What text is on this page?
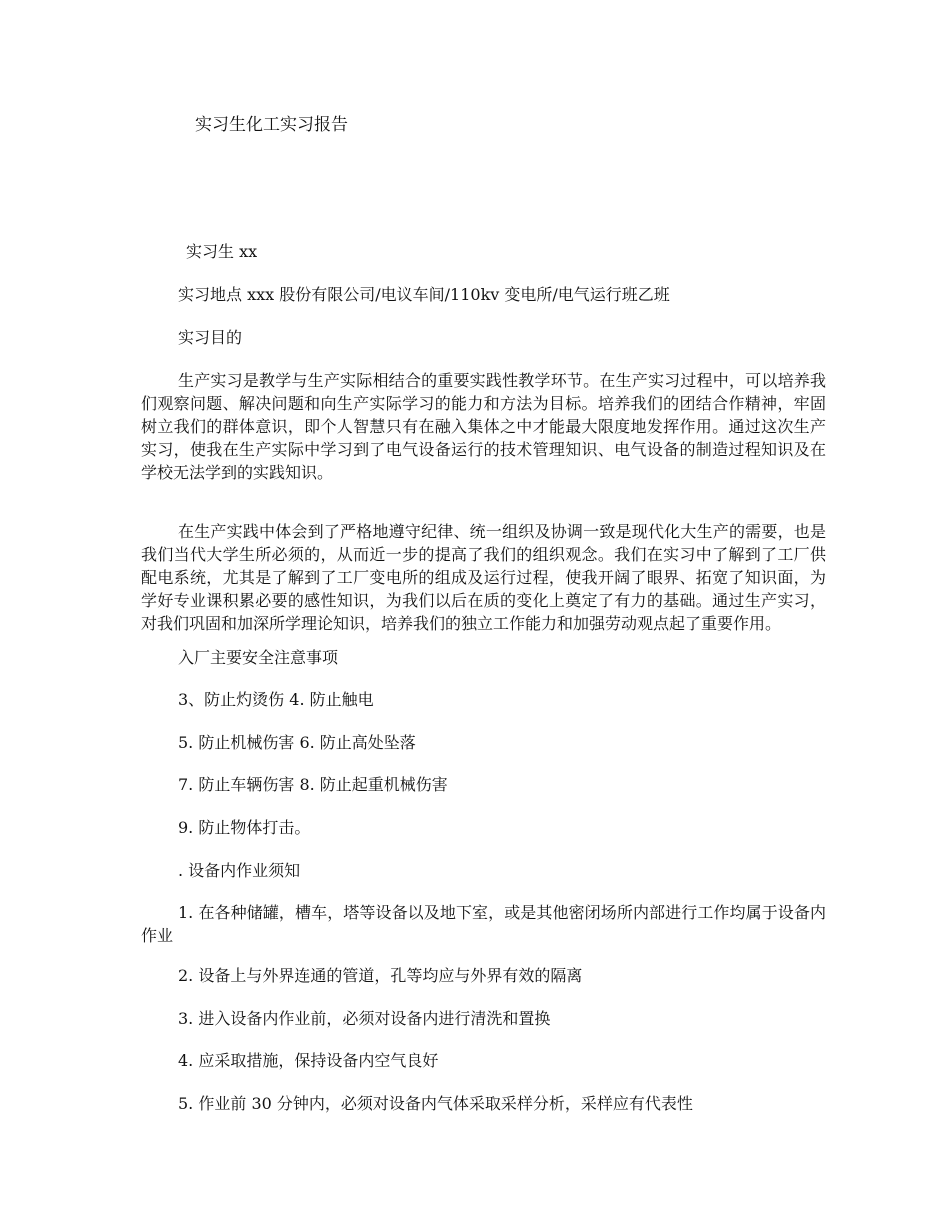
实习生化工实习报告
实习生 xx
实习地点 xxx 股份有限公司/电议车间/110kv 变电所/电气运行班乙班
实习目的
生产实习是教学与生产实际相结合的重要实践性教学环节。在生产实习过程中，可以培养我们观察问题、解决问题和向生产实际学习的能力和方法为目标。培养我们的团结合作精神，牢固树立我们的群体意识，即个人智慧只有在融入集体之中才能最大限度地发挥作用。通过这次生产实习，使我在生产实际中学习到了电气设备运行的技术管理知识、电气设备的制造过程知识及在学校无法学到的实践知识。
在生产实践中体会到了严格地遵守纪律、统一组织及协调一致是现代化大生产的需要，也是我们当代大学生所必须的，从而近一步的提高了我们的组织观念。我们在实习中了解到了工厂供配电系统，尤其是了解到了工厂变电所的组成及运行过程，使我开阔了眼界、拓宽了知识面，为学好专业课积累必要的感性知识，为我们以后在质的变化上奠定了有力的基础。通过生产实习，对我们巩固和加深所学理论知识，培养我们的独立工作能力和加强劳动观点起了重要作用。
入厂主要安全注意事项
3、防止灼烫伤 4. 防止触电
5. 防止机械伤害 6. 防止高处坠落
7. 防止车辆伤害 8. 防止起重机械伤害
9. 防止物体打击。
. 设备内作业须知
1. 在各种储罐，槽车，塔等设备以及地下室，或是其他密闭场所内部进行工作均属于设备内作业
2. 设备上与外界连通的管道，孔等均应与外界有效的隔离
3. 进入设备内作业前，必须对设备内进行清洗和置换
4. 应采取措施，保持设备内空气良好
5. 作业前 30 分钟内，必须对设备内气体采取采样分析，采样应有代表性
